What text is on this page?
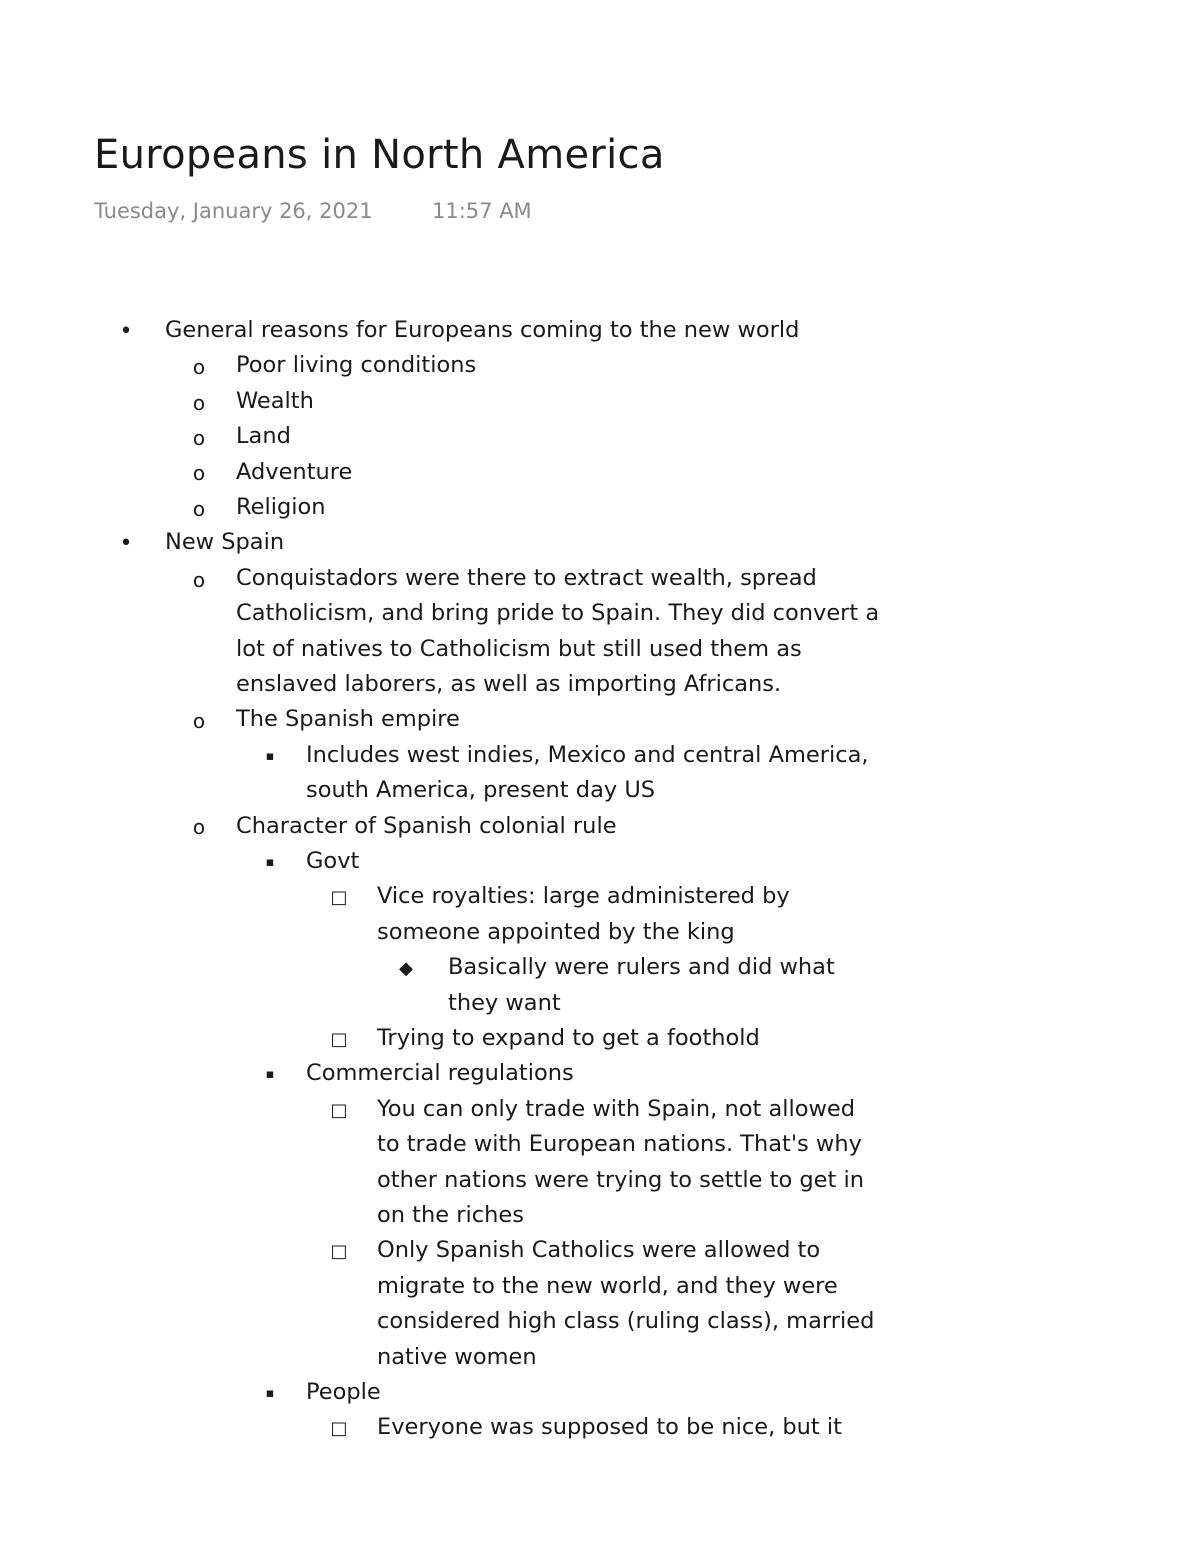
Europeans in North America
Tuesday, January 26, 2021	11:57 AM
• General reasons for Europeans coming to the new world
o Poor living conditions
o Wealth
o Land
o Adventure
o Religion
• New Spain
o Conquistadors were there to extract wealth, spread
Catholicism, and bring pride to Spain. They did convert a
lot of natives to Catholicism but still used them as
enslaved laborers, as well as importing Africans.
o The Spanish empire
▪	Includes west indies, Mexico and central America,
south America, present day US
o Character of Spanish colonial rule
▪	Govt
□ Vice royalties: large administered by
someone appointed by the king
◆ Basically were rulers and did what
they want
□ Trying to expand to get a foothold
▪	Commercial regulations
□ You can only trade with Spain, not allowed
to trade with European nations. That's why
other nations were trying to settle to get in
on the riches
□ Only Spanish Catholics were allowed to
migrate to the new world, and they were
considered high class (ruling class), married
native women
▪	People
□ Everyone was supposed to be nice, but it
